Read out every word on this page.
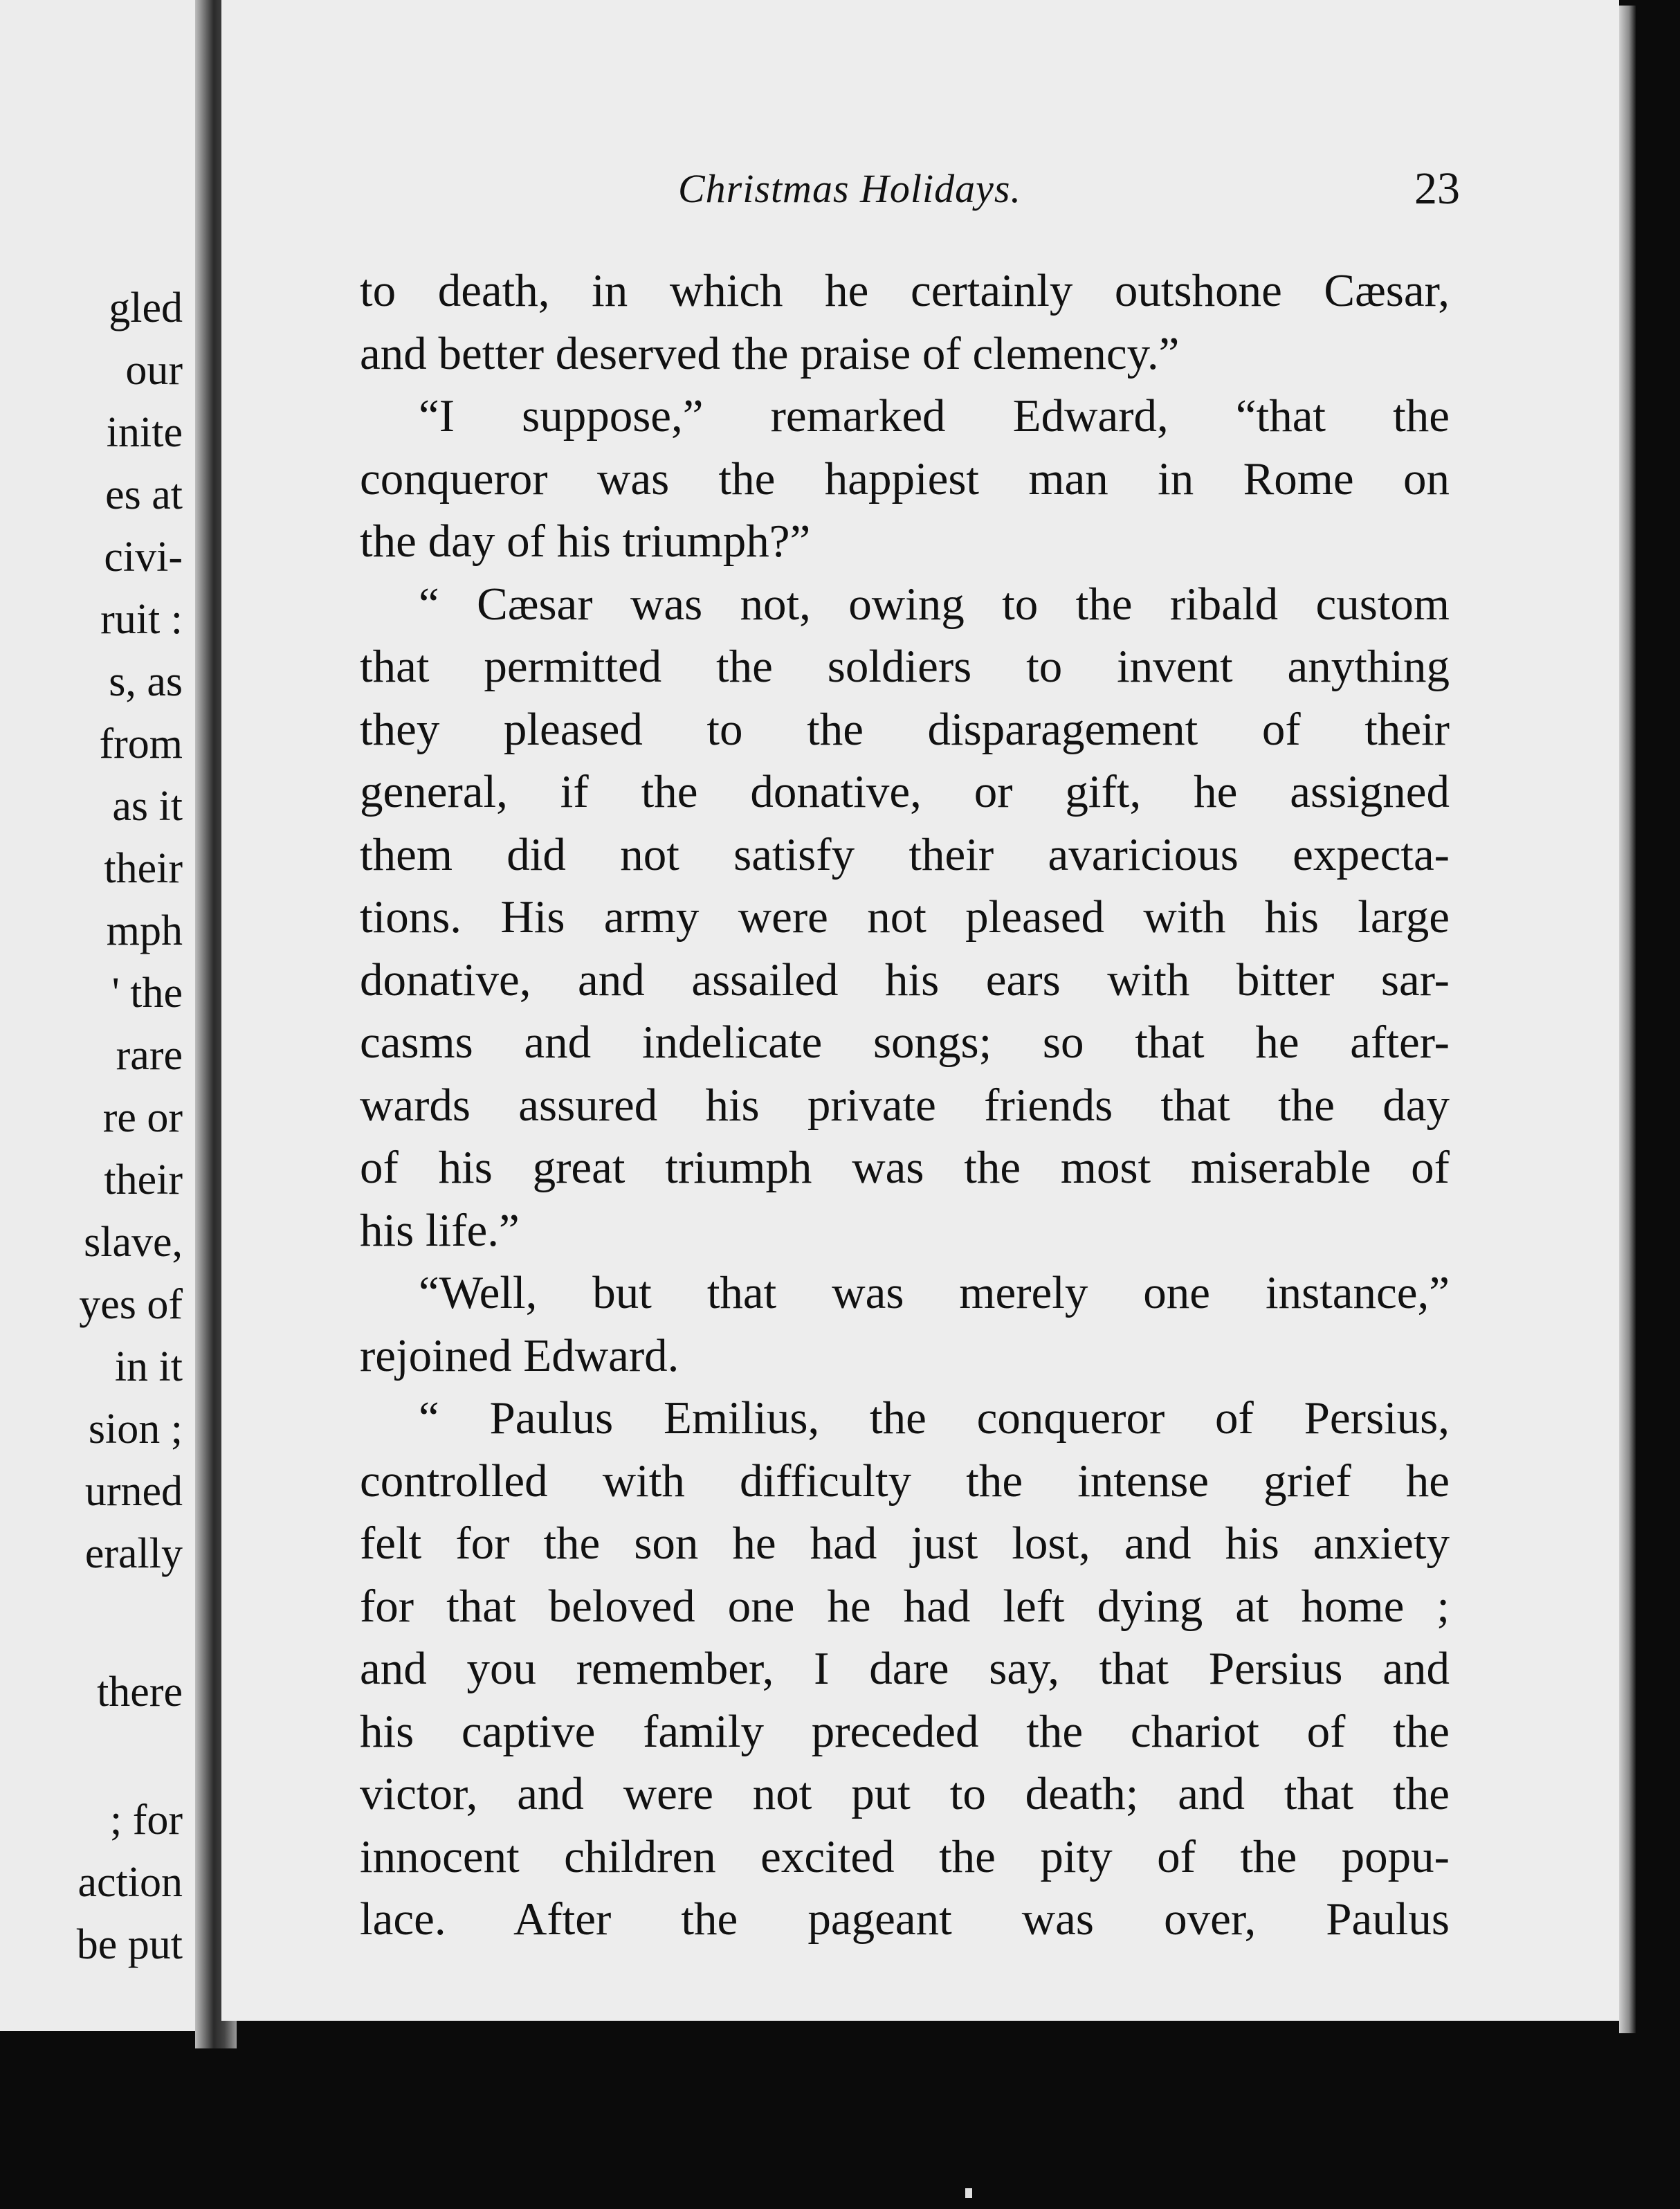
gled
our
inite
es at
civi-
ruit :
s, as
from
as it
their
mph
' the
rare
re or
their
slave,
yes of
in it
sion ;
urned
erally
there
; for
action
be put
Christmas Holidays.	23
to death, in which he certainly outshone Cæsar,
and better deserved the praise of clemency.”
“I suppose,” remarked Edward, “that the
conqueror was the happiest man in Rome on
the day of his triumph?”
“ Cæsar was not, owing to the ribald custom
that permitted the soldiers to invent anything
they pleased to the disparagement of their
general, if the donative, or gift, he assigned
them did not satisfy their avaricious expecta-
tions. His army were not pleased with his large
donative, and assailed his ears with bitter sar-
casms and indelicate songs; so that he after-
wards assured his private friends that the day
of his great triumph was the most miserable of
his life.”
“Well, but that was merely one instance,”
rejoined Edward.
“ Paulus Emilius, the conqueror of Persius,
controlled with difficulty the intense grief he
felt for the son he had just lost, and his anxiety
for that beloved one he had left dying at home ;
and you remember, I dare say, that Persius and
his captive family preceded the chariot of the
victor, and were not put to death; and that the
innocent children excited the pity of the popu-
lace. After the pageant was over, Paulus
